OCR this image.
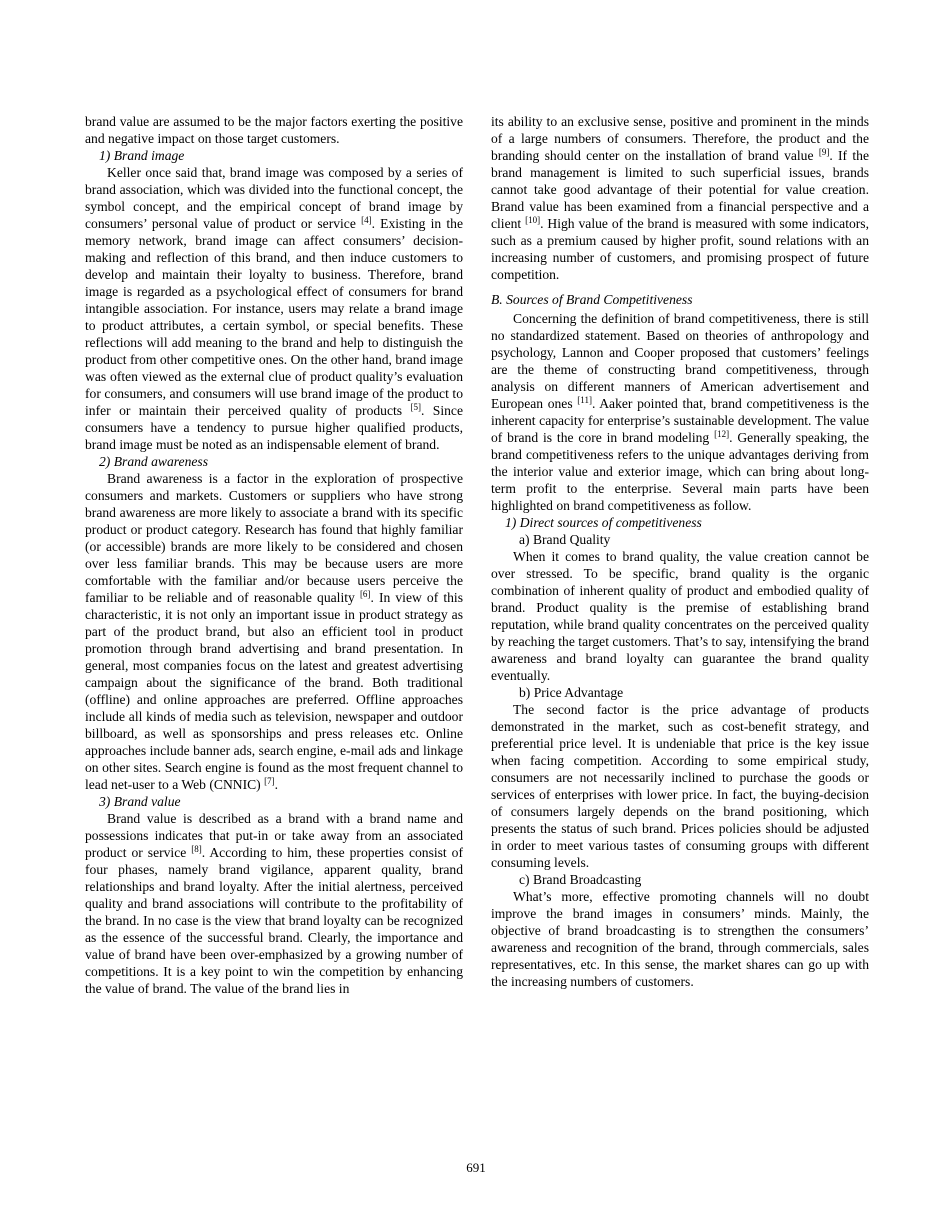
brand value are assumed to be the major factors exerting the positive and negative impact on those target customers.

1) Brand image

Keller once said that, brand image was composed by a series of brand association, which was divided into the functional concept, the symbol concept, and the empirical concept of brand image by consumers’ personal value of product or service [4]. Existing in the memory network, brand image can affect consumers’ decision-making and reflection of this brand, and then induce customers to develop and maintain their loyalty to business. Therefore, brand image is regarded as a psychological effect of consumers for brand intangible association. For instance, users may relate a brand image to product attributes, a certain symbol, or special benefits. These reflections will add meaning to the brand and help to distinguish the product from other competitive ones. On the other hand, brand image was often viewed as the external clue of product quality’s evaluation for consumers, and consumers will use brand image of the product to infer or maintain their perceived quality of products [5]. Since consumers have a tendency to pursue higher qualified products, brand image must be noted as an indispensable element of brand.

2) Brand awareness

Brand awareness is a factor in the exploration of prospective consumers and markets. Customers or suppliers who have strong brand awareness are more likely to associate a brand with its specific product or product category. Research has found that highly familiar (or accessible) brands are more likely to be considered and chosen over less familiar brands. This may be because users are more comfortable with the familiar and/or because users perceive the familiar to be reliable and of reasonable quality [6]. In view of this characteristic, it is not only an important issue in product strategy as part of the product brand, but also an efficient tool in product promotion through brand advertising and brand presentation. In general, most companies focus on the latest and greatest advertising campaign about the significance of the brand. Both traditional (offline) and online approaches are preferred. Offline approaches include all kinds of media such as television, newspaper and outdoor billboard, as well as sponsorships and press releases etc. Online approaches include banner ads, search engine, e-mail ads and linkage on other sites. Search engine is found as the most frequent channel to lead net-user to a Web (CNNIC) [7].

3) Brand value

Brand value is described as a brand with a brand name and possessions indicates that put-in or take away from an associated product or service [8]. According to him, these properties consist of four phases, namely brand vigilance, apparent quality, brand relationships and brand loyalty. After the initial alertness, perceived quality and brand associations will contribute to the profitability of the brand. In no case is the view that brand loyalty can be recognized as the essence of the successful brand. Clearly, the importance and value of brand have been over-emphasized by a growing number of competitions. It is a key point to win the competition by enhancing the value of brand. The value of the brand lies in

its ability to an exclusive sense, positive and prominent in the minds of a large numbers of consumers. Therefore, the product and the branding should center on the installation of brand value [9]. If the brand management is limited to such superficial issues, brands cannot take good advantage of their potential for value creation. Brand value has been examined from a financial perspective and a client [10]. High value of the brand is measured with some indicators, such as a premium caused by higher profit, sound relations with an increasing number of customers, and promising prospect of future competition.

B. Sources of Brand Competitiveness

Concerning the definition of brand competitiveness, there is still no standardized statement. Based on theories of anthropology and psychology, Lannon and Cooper proposed that customers’ feelings are the theme of constructing brand competitiveness, through analysis on different manners of American advertisement and European ones [11]. Aaker pointed that, brand competitiveness is the inherent capacity for enterprise’s sustainable development. The value of brand is the core in brand modeling [12]. Generally speaking, the brand competitiveness refers to the unique advantages deriving from the interior value and exterior image, which can bring about long-term profit to the enterprise. Several main parts have been highlighted on brand competitiveness as follow.

1) Direct sources of competitiveness
a) Brand Quality

When it comes to brand quality, the value creation cannot be over stressed. To be specific, brand quality is the organic combination of inherent quality of product and embodied quality of brand. Product quality is the premise of establishing brand reputation, while brand quality concentrates on the perceived quality by reaching the target customers. That’s to say, intensifying the brand awareness and brand loyalty can guarantee the brand quality eventually.

b) Price Advantage

The second factor is the price advantage of products demonstrated in the market, such as cost-benefit strategy, and preferential price level. It is undeniable that price is the key issue when facing competition. According to some empirical study, consumers are not necessarily inclined to purchase the goods or services of enterprises with lower price. In fact, the buying-decision of consumers largely depends on the brand positioning, which presents the status of such brand. Prices policies should be adjusted in order to meet various tastes of consuming groups with different consuming levels.

c) Brand Broadcasting

What’s more, effective promoting channels will no doubt improve the brand images in consumers’ minds. Mainly, the objective of brand broadcasting is to strengthen the consumers’ awareness and recognition of the brand, through commercials, sales representatives, etc. In this sense, the market shares can go up with the increasing numbers of customers.

691
